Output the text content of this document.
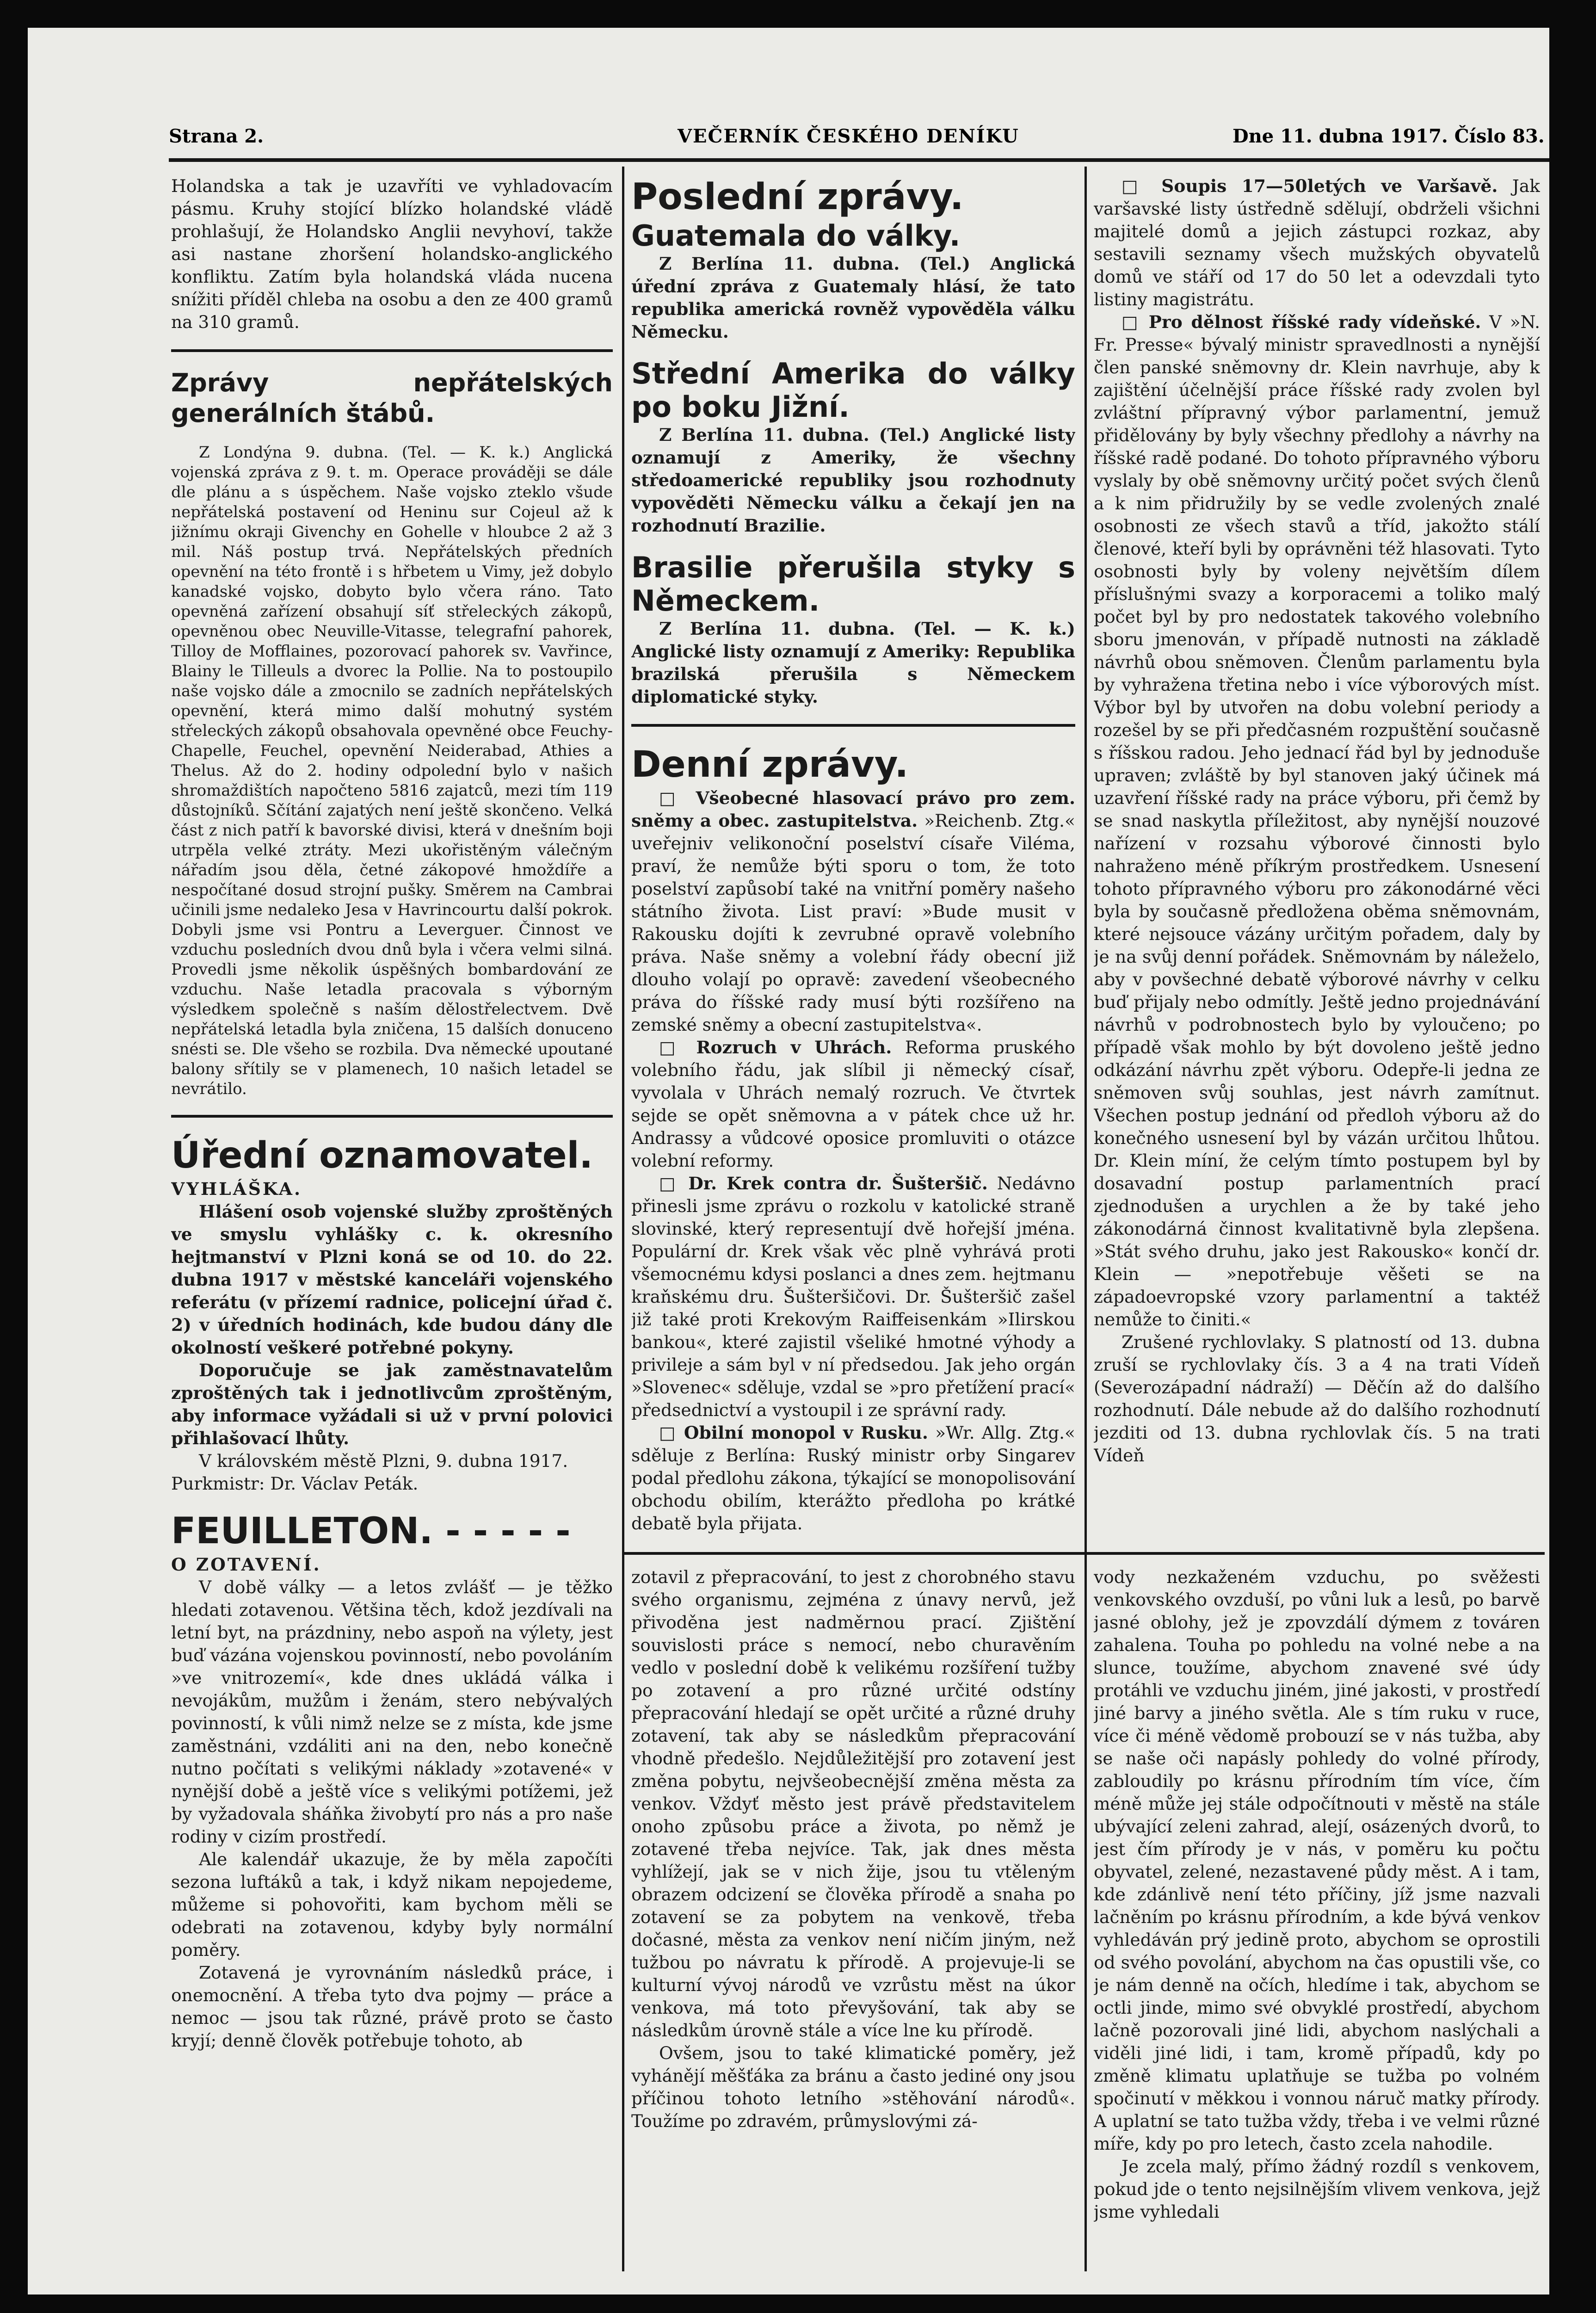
Strana 2.	VEČERNÍK ČESKÉHO DENÍKU	Dne 11. dubna 1917. Číslo 83.

Holandska a tak je uzavříti ve vyhladovacím pásmu. Kruhy stojící blízko holandské vládě prohlašují, že Holandsko Anglii nevyhoví, takže asi nastane zhoršení holandsko-anglického konfliktu. Zatím byla holandská vláda nucena snížiti příděl chleba na osobu a den ze 400 gramů na 310 gramů.

Zprávy nepřátelských generálních štábů.

Z Londýna 9. dubna. (Tel. — K. k.) Anglická vojenská zpráva z 9. t. m. Operace prováději se dále dle plánu a s úspěchem. Naše vojsko zteklo všude nepřátelská postavení od Heninu sur Cojeul až k jižnímu okraji Givenchy en Gohelle v hloubce 2 až 3 mil. Náš postup trvá. Nepřátelských předních opevnění na této frontě i s hřbetem u Vimy, jež dobylo kanadské vojsko, dobyto bylo včera ráno. Tato opevněná zařízení obsahují síť střeleckých zákopů, opevněnou obec Neuville-Vitasse, telegrafní pahorek, Tilloy de Mofflaines, pozorovací pahorek sv. Vavřince, Blainy le Tilleuls a dvorec la Pollie. Na to postoupilo naše vojsko dále a zmocnilo se zadních nepřátelských opevnění, která mimo další mohutný systém střeleckých zákopů obsahovala opevněné obce Feuchy-Chapelle, Feuchel, opevnění Neiderabad, Athies a Thelus. Až do 2. hodiny odpolední bylo v našich shromaždištích napočteno 5816 zajatců, mezi tím 119 důstojníků. Sčítání zajatých není ještě skončeno. Velká část z nich patří k bavorské divisi, která v dnešním boji utrpěla velké ztráty. Mezi ukořistěným válečným nářadím jsou děla, četné zákopové hmoždíře a nespočítané dosud strojní pušky. Směrem na Cambrai učinili jsme nedaleko Jesa v Havrincourtu další pokrok. Dobyli jsme vsi Pontru a Leverguer. Činnost ve vzduchu posledních dvou dnů byla i včera velmi silná. Provedli jsme několik úspěšných bombardování ze vzduchu. Naše letadla pracovala s výborným výsledkem společně s naším dělostřelectvem. Dvě nepřátelská letadla byla zničena, 15 dalších donuceno snésti se. Dle všeho se rozbila. Dva německé upoutané balony sřítily se v plamenech, 10 našich letadel se nevrátilo.

Úřední oznamovatel.

VYHLÁŠKA.

Hlášení osob vojenské služby zproštěných ve smyslu vyhlášky c. k. okresního hejtmanství v Plzni koná se od 10. do 22. dubna 1917 v městské kanceláři vojenského referátu (v přízemí radnice, policejní úřad č. 2) v úředních hodinách, kde budou dány dle okolností veškeré potřebné pokyny.

Doporučuje se jak zaměstnavatelům zproštěných tak i jednotlivcům zproštěným, aby informace vyžádali si už v první polovici přihlašovací lhůty.

V královském městě Plzni, 9. dubna 1917.

Purkmistr: Dr. Václav Peták.

FEUILLETON. - - - - -

O ZOTAVENÍ.

V době války — a letos zvlášť — je těžko hledati zotavenou. Většina těch, kdož jezdívali na letní byt, na prázdniny, nebo aspoň na výlety, jest buď vázána vojenskou povinností, nebo povoláním »ve vnitrozemí«, kde dnes ukládá válka i nevojákům, mužům i ženám, stero nebývalých povinností, k vůli nimž nelze se z místa, kde jsme zaměstnáni, vzdáliti ani na den, nebo konečně nutno počítati s velikými náklady »zotavené« v nynější době a ještě více s velikými potížemi, jež by vyžadovala sháňka živobytí pro nás a pro naše rodiny v cizím prostředí.

Ale kalendář ukazuje, že by měla započíti sezona luftáků a tak, i když nikam nepojedeme, můžeme si pohovořiti, kam bychom měli se odebrati na zotavenou, kdyby byly normální poměry.

Zotavená je vyrovnáním následků práce, i onemocnění. A třeba tyto dva pojmy — práce a nemoc — jsou tak různé, právě proto se často kryjí; denně člověk potřebuje tohoto, ab

Poslední zprávy.

Guatemala do války.

Z Berlína 11. dubna. (Tel.) Anglická úřední zpráva z Guatemaly hlásí, že tato republika americká rovněž vypověděla válku Německu.

Střední Amerika do války po boku Jižní.

Z Berlína 11. dubna. (Tel.) Anglické listy oznamují z Ameriky, že všechny středoamerické republiky jsou rozhodnuty vypověděti Německu válku a čekají jen na rozhodnutí Brazilie.

Brasilie přerušila styky s Německem.

Z Berlína 11. dubna. (Tel. — K. k.) Anglické listy oznamují z Ameriky: Republika brazilská přerušila s Německem diplomatické styky.

Denní zprávy.

□ Všeobecné hlasovací právo pro zem. sněmy a obec. zastupitelstva. »Reichenb. Ztg.« uveřejniv velikonoční poselství císaře Viléma, praví, že nemůže býti sporu o tom, že toto poselství zapůsobí také na vnitřní poměry našeho státního života. List praví: »Bude musit v Rakousku dojíti k zevrubné opravě volebního práva. Naše sněmy a volební řády obecní již dlouho volají po opravě: zavedení všeobecného práva do říšské rady musí býti rozšířeno na zemské sněmy a obecní zastupitelstva«.

□ Rozruch v Uhrách. Reforma pruského volebního řádu, jak slíbil ji německý císař, vyvolala v Uhrách nemalý rozruch. Ve čtvrtek sejde se opět sněmovna a v pátek chce už hr. Andrassy a vůdcové oposice promluviti o otázce volební reformy.

□ Dr. Krek contra dr. Šušteršič. Nedávno přinesli jsme zprávu o rozkolu v katolické straně slovinské, který representují dvě hořejší jména. Populární dr. Krek však věc plně vyhrává proti všemocnému kdysi poslanci a dnes zem. hejtmanu kraňskému dru. Šušteršičovi. Dr. Šušteršič zašel již také proti Krekovým Raiffeisenkám »Ilirskou bankou«, které zajistil všeliké hmotné výhody a privileje a sám byl v ní předsedou. Jak jeho orgán »Slovenec« sděluje, vzdal se »pro přetížení prací« předsednictví a vystoupil i ze správní rady.

□ Obilní monopol v Rusku. »Wr. Allg. Ztg.« sděluje z Berlína: Ruský ministr orby Singarev podal předlohu zákona, týkající se monopolisování obchodu obilím, kterážto předloha po krátké debatě byla přijata.

□ Soupis 17—50letých ve Varšavě. Jak varšavské listy ústředně sdělují, obdrželi všichni majitelé domů a jejich zástupci rozkaz, aby sestavili seznamy všech mužských obyvatelů domů ve stáří od 17 do 50 let a odevzdali tyto listiny magistrátu.

□ Pro dělnost říšské rady vídeňské. V »N. Fr. Presse« bývalý ministr spravedlnosti a nynější člen panské sněmovny dr. Klein navrhuje, aby k zajištění účelnější práce říšské rady zvolen byl zvláštní přípravný výbor parlamentní, jemuž přidělovány by byly všechny předlohy a návrhy na říšské radě podané. Do tohoto přípravného výboru vyslaly by obě sněmovny určitý počet svých členů a k nim přidružily by se vedle zvolených znalé osobnosti ze všech stavů a tříd, jakožto stálí členové, kteří byli by oprávněni též hlasovati. Tyto osobnosti byly by voleny největším dílem příslušnými svazy a korporacemi a toliko malý počet byl by pro nedostatek takového volebního sboru jmenován, v případě nutnosti na základě návrhů obou sněmoven. Členům parlamentu byla by vyhražena třetina nebo i více výborových míst. Výbor byl by utvořen na dobu volební periody a rozešel by se při předčasném rozpuštění současně s říšskou radou. Jeho jednací řád byl by jednoduše upraven; zvláště by byl stanoven jaký účinek má uzavření říšské rady na práce výboru, při čemž by se snad naskytla příležitost, aby nynější nouzové nařízení v rozsahu výborové činnosti bylo nahraženo méně příkrým prostředkem. Usnesení tohoto přípravného výboru pro zákonodárné věci byla by současně předložena oběma sněmovnám, které nejsouce vázány určitým pořadem, daly by je na svůj denní pořádek. Sněmovnám by náleželo, aby v povšechné debatě výborové návrhy v celku buď přijaly nebo odmítly. Ještě jedno projednávání návrhů v podrobnostech bylo by vyloučeno; po případě však mohlo by být dovoleno ještě jedno odkázání návrhu zpět výboru. Odepře-li jedna ze sněmoven svůj souhlas, jest návrh zamítnut. Všechen postup jednání od předloh výboru až do konečného usnesení byl by vázán určitou lhůtou. Dr. Klein míní, že celým tímto postupem byl by dosavadní postup parlamentních prací zjednodušen a urychlen a že by také jeho zákonodárná činnost kvalitativně byla zlepšena. »Stát svého druhu, jako jest Rakousko« končí dr. Klein — »nepotřebuje věšeti se na západoevropské vzory parlamentní a taktéž nemůže to činiti.«

Zrušené rychlovlaky. S platností od 13. dubna zruší se rychlovlaky čís. 3 a 4 na trati Vídeň (Severozápadní nádraží) — Děčín až do dalšího rozhodnutí. Dále nebude až do dalšího rozhodnutí jezditi od 13. dubna rychlovlak čís. 5 na trati Vídeň

zotavil z přepracování, to jest z chorobného stavu svého organismu, zejména z únavy nervů, jež přivoděna jest nadměrnou prací. Zjištění souvislosti práce s nemocí, nebo churavěním vedlo v poslední době k velikému rozšíření tužby po zotavení a pro různé určité odstíny přepracování hledají se opět určité a různé druhy zotavení, tak aby se následkům přepracování vhodně předešlo. Nejdůležitější pro zotavení jest změna pobytu, nejvšeobecnější změna města za venkov. Vždyť město jest právě představitelem onoho způsobu práce a života, po němž je zotavené třeba nejvíce. Tak, jak dnes města vyhlížejí, jak se v nich žije, jsou tu vtěleným obrazem odcizení se člověka přírodě a snaha po zotavení se za pobytem na venkově, třeba dočasné, města za venkov není ničím jiným, než tužbou po návratu k přírodě. A projevuje-li se kulturní vývoj národů ve vzrůstu měst na úkor venkova, má toto převyšování, tak aby se následkům úrovně stále a více lne ku přírodě.

Ovšem, jsou to také klimatické poměry, jež vyhánějí měšťáka za bránu a často jediné ony jsou příčinou tohoto letního »stěhování národů«. Toužíme po zdravém, průmyslovými zá-

vody nezkaženém vzduchu, po svěžesti venkovského ovzduší, po vůni luk a lesů, po barvě jasné oblohy, jež je zpovzdálí dýmem z továren zahalena. Touha po pohledu na volné nebe a na slunce, toužíme, abychom znavené své údy protáhli ve vzduchu jiném, jiné jakosti, v prostředí jiné barvy a jiného světla. Ale s tím ruku v ruce, více či méně vědomě probouzí se v nás tužba, aby se naše oči napásly pohledy do volné přírody, zabloudily po krásnu přírodním tím více, čím méně může jej stále odpočítnouti v městě na stále ubývající zeleni zahrad, alejí, osázených dvorů, to jest čím přírody je v nás, v poměru ku počtu obyvatel, zelené, nezastavené půdy měst. A i tam, kde zdánlivě není této příčiny, jíž jsme nazvali lačněním po krásnu přírodním, a kde bývá venkov vyhledáván prý jedině proto, abychom se oprostili od svého povolání, abychom na čas opustili vše, co je nám denně na očích, hledíme i tak, abychom se octli jinde, mimo své obvyklé prostředí, abychom lačně pozorovali jiné lidi, abychom naslýchali a viděli jiné lidi, i tam, kromě případů, kdy po změně klimatu uplatňuje se tužba po volném spočinutí v měkkou i vonnou náruč matky přírody. A uplatní se tato tužba vždy, třeba i ve velmi různé míře, kdy po pro letech, často zcela nahodile.

Je zcela malý, přímo žádný rozdíl s venkovem, pokud jde o tento nejsilnějším vlivem venkova, jejž jsme vyhledali
